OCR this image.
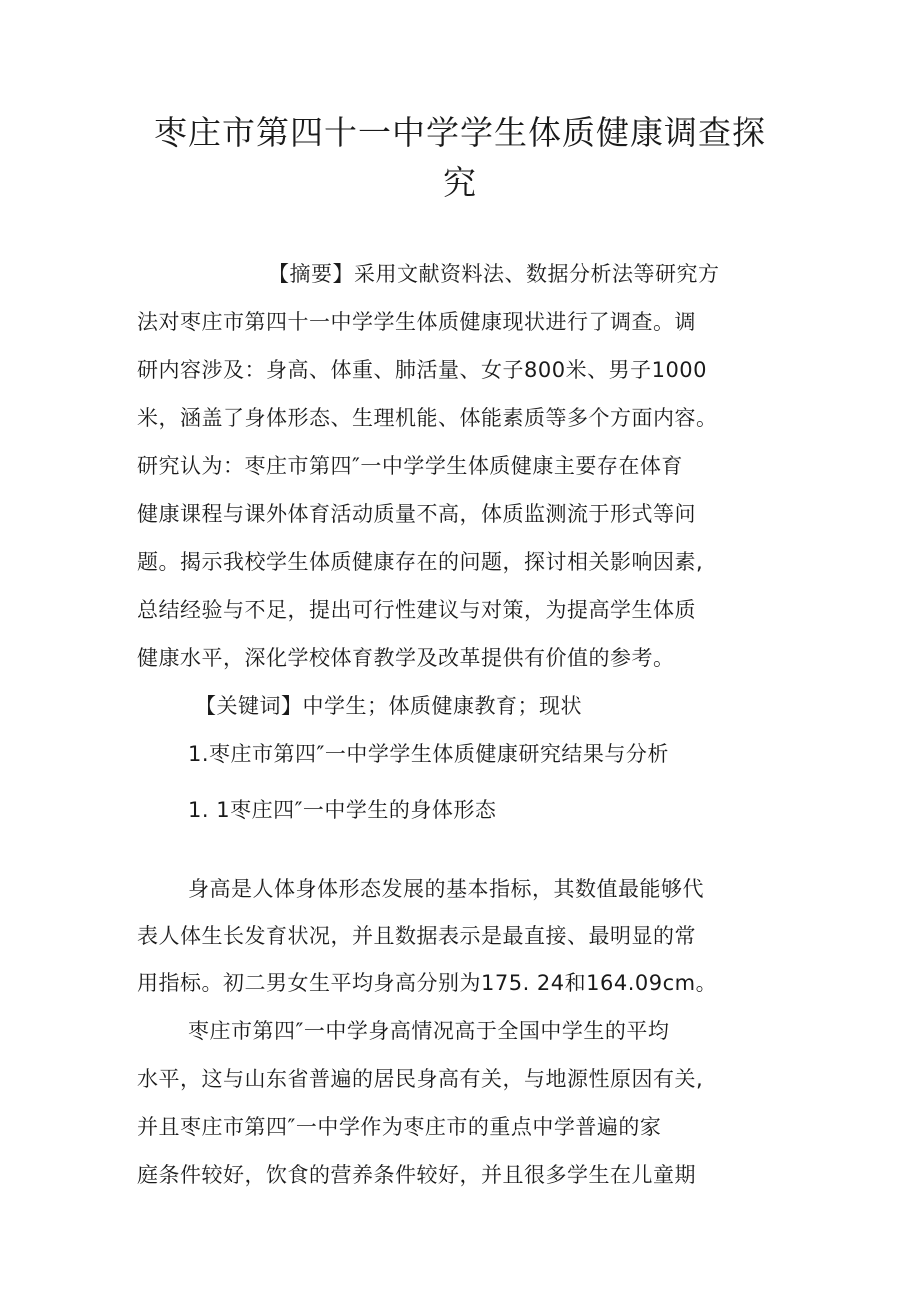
枣庄市第四十一中学学生体质健康调查探
究
【摘要】采用文献资料法、数据分析法等研究方
法对枣庄市第四十一中学学生体质健康现状进行了调查。调
研内容涉及：身高、体重、肺活量、女子800米、男子1000
米，涵盖了身体形态、生理机能、体能素质等多个方面内容。
研究认为：枣庄市第四″一中学学生体质健康主要存在体育
健康课程与课外体育活动质量不高，体质监测流于形式等问
题。揭示我校学生体质健康存在的问题，探讨相关影响因素,
总结经验与不足，提出可行性建议与对策，为提高学生体质
健康水平，深化学校体育教学及改革提供有价值的参考。
【关键词】中学生；体质健康教育；现状
1.枣庄市第四″一中学学生体质健康研究结果与分析
1. 1枣庄四″一中学生的身体形态
身高是人体身体形态发展的基本指标，其数值最能够代
表人体生长发育状况，并且数据表示是最直接、最明显的常
用指标。初二男女生平均身高分别为175. 24和164.09cm。
枣庄市第四″一中学身高情况高于全国中学生的平均
水平，这与山东省普遍的居民身高有关，与地源性原因有关,
并且枣庄市第四″一中学作为枣庄市的重点中学普遍的家
庭条件较好，饮食的营养条件较好，并且很多学生在儿童期
